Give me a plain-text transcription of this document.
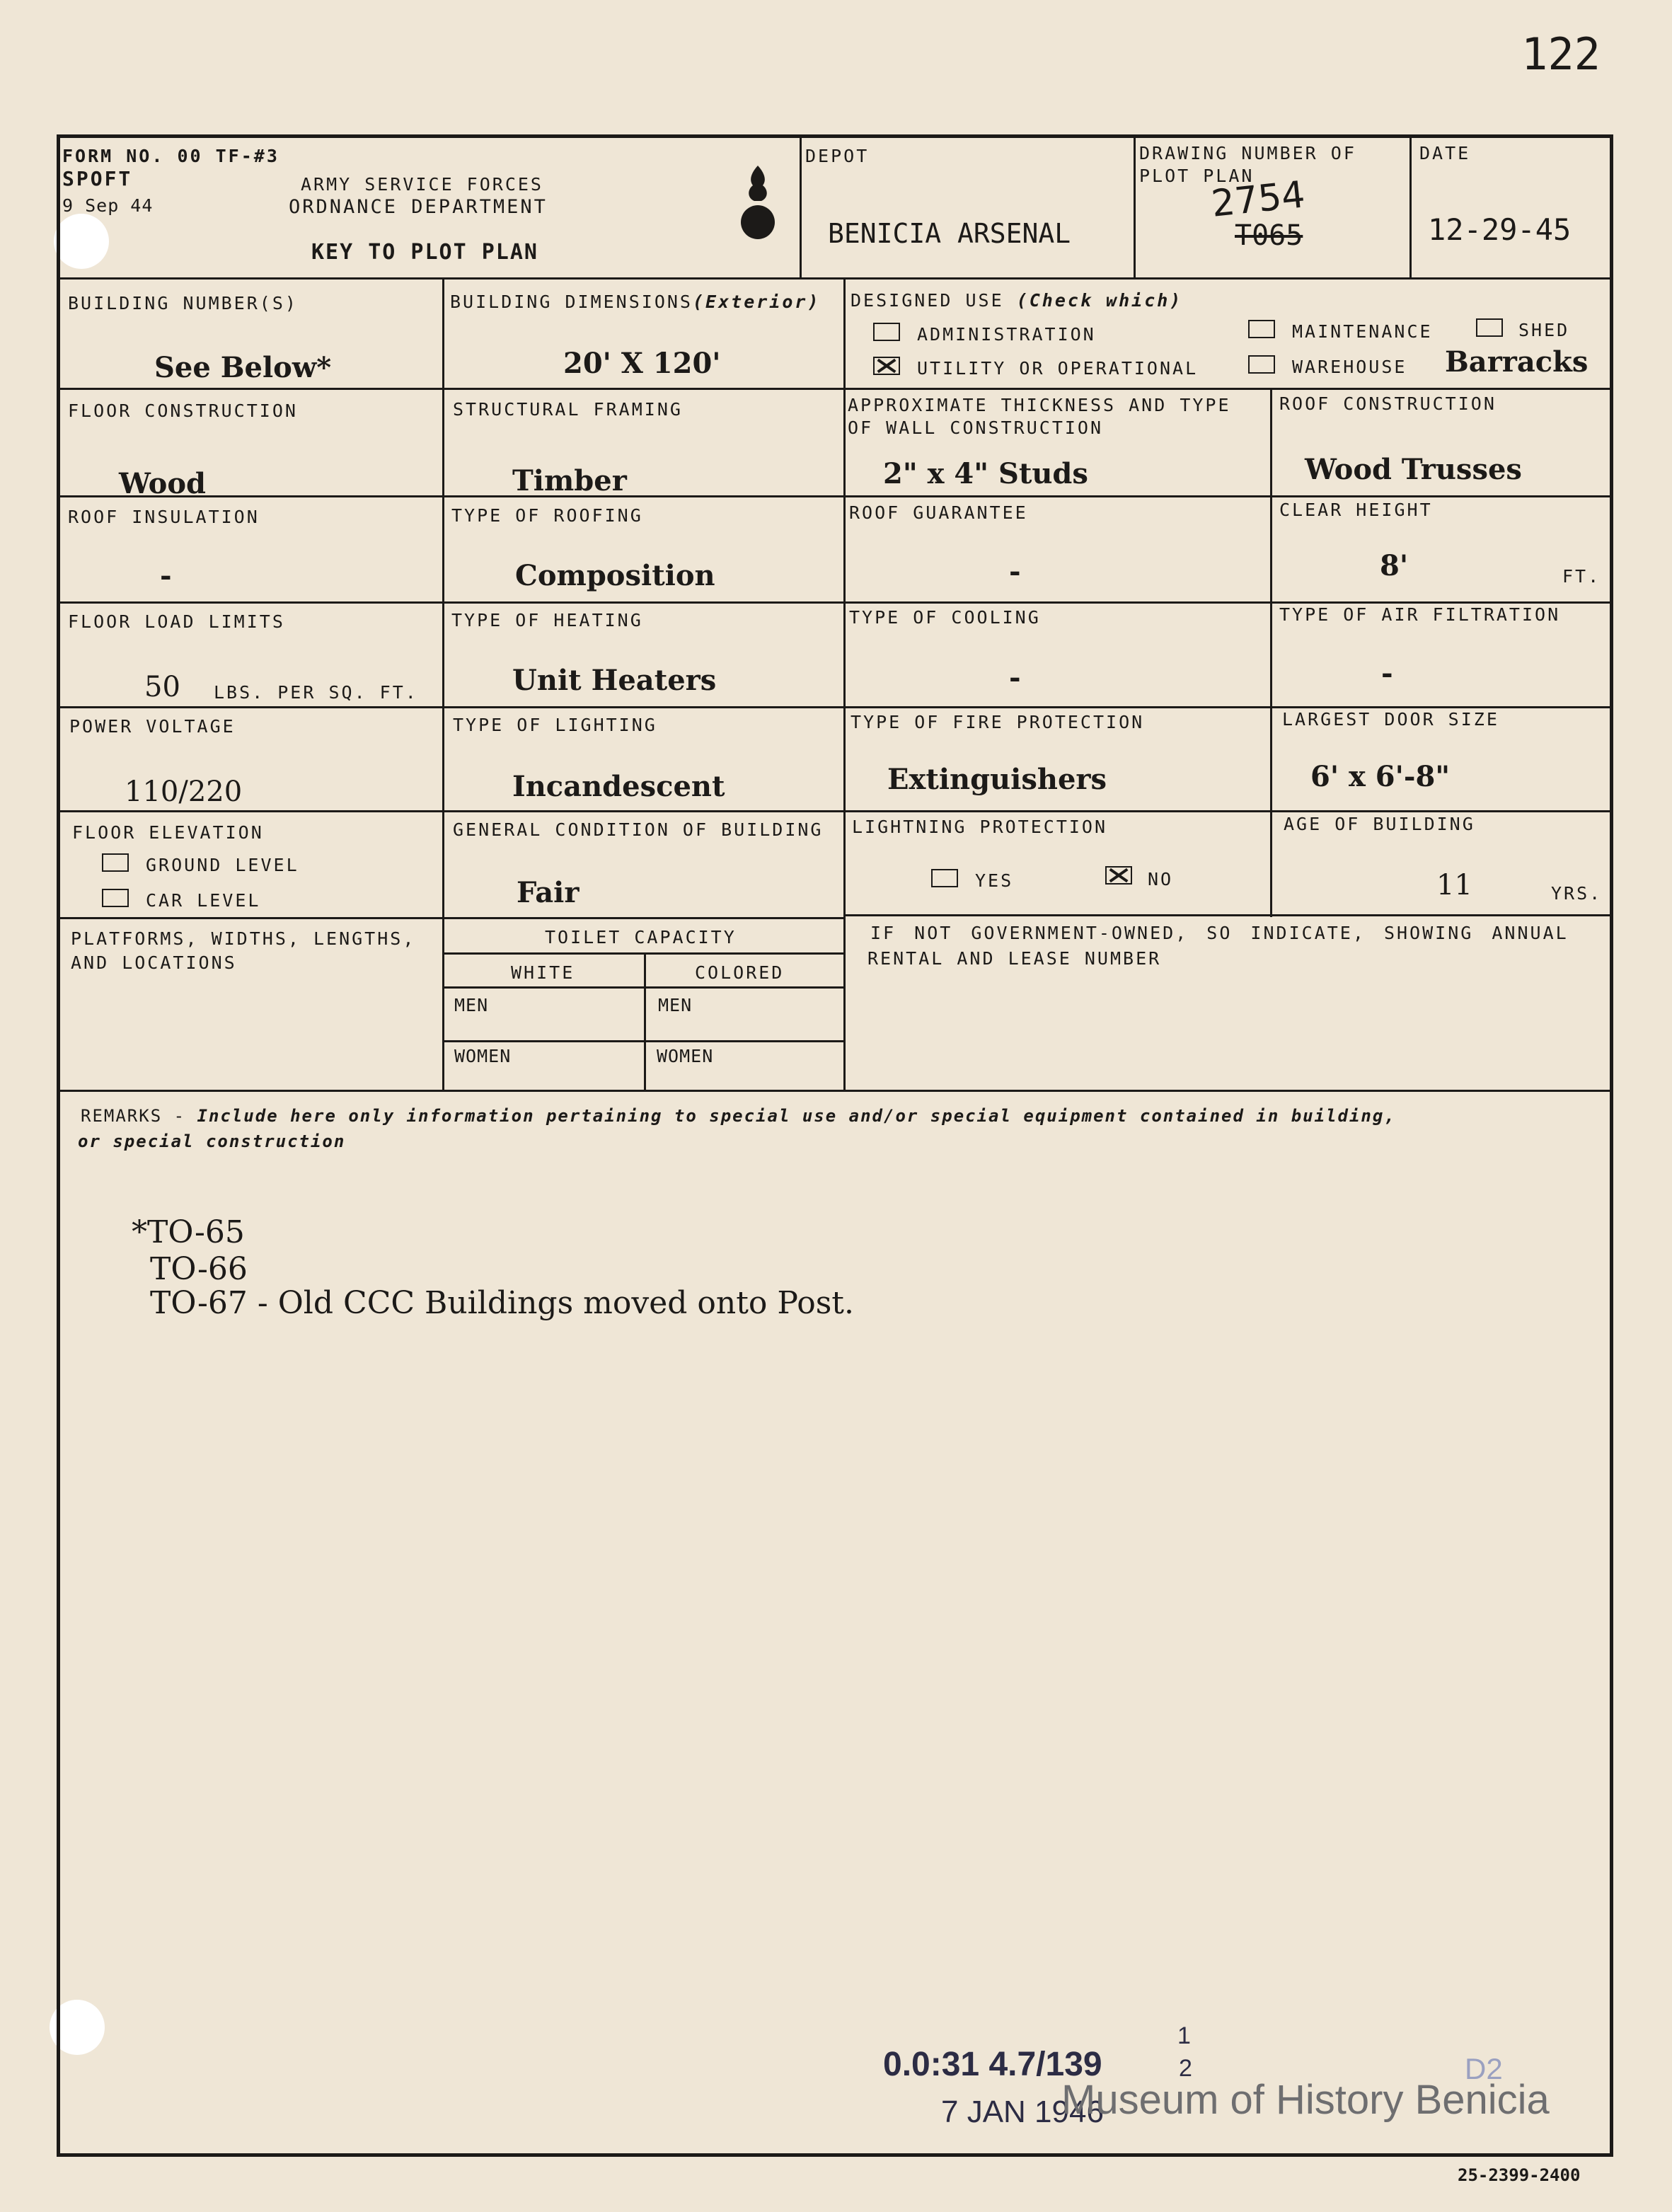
122
FORM NO. 00 TF-#3
SPOFT
9 Sep 44
ARMY SERVICE FORCES
ORDNANCE DEPARTMENT
KEY TO PLOT PLAN
DEPOT
BENICIA ARSENAL
DRAWING NUMBER OF
PLOT PLAN
2754
T065
DATE
12-29-45
BUILDING NUMBER(S)
See Below*
BUILDING DIMENSIONS(Exterior)
20' X 120'
DESIGNED USE (Check which)
ADMINISTRATION
UTILITY OR OPERATIONAL
MAINTENANCE
WAREHOUSE
SHED
Barracks
FLOOR CONSTRUCTION
Wood
STRUCTURAL FRAMING
Timber
APPROXIMATE THICKNESS AND TYPE
OF WALL CONSTRUCTION
2" x 4" Studs
ROOF CONSTRUCTION
Wood Trusses
ROOF INSULATION
-
TYPE OF ROOFING
Composition
ROOF GUARANTEE
-
CLEAR HEIGHT
8'	FT.
FLOOR LOAD LIMITS
50 LBS. PER SQ. FT.
TYPE OF HEATING
Unit Heaters
TYPE OF COOLING
-
TYPE OF AIR FILTRATION
-
POWER VOLTAGE
110/220
TYPE OF LIGHTING
Incandescent
TYPE OF FIRE PROTECTION
Extinguishers
LARGEST DOOR SIZE
6' x 6'-8"
FLOOR ELEVATION
GROUND LEVEL
CAR LEVEL
GENERAL CONDITION OF BUILDING
Fair
LIGHTNING PROTECTION
YES	NO
AGE OF BUILDING
11	YRS.
PLATFORMS, WIDTHS, LENGTHS,
AND LOCATIONS
TOILET CAPACITY
WHITE	COLORED
MEN	MEN
WOMEN	WOMEN
IF NOT GOVERNMENT-OWNED, SO INDICATE, SHOWING ANNUAL
RENTAL AND LEASE NUMBER
REMARKS - Include here only information pertaining to special use and/or special equipment contained in building,
or special construction
*TO-65
TO-66
TO-67 - Old CCC Buildings moved onto Post.
0.0:31 4.7/139
1
2
7 JAN 1946
D2
Museum of History Benicia
25-2399-2400
